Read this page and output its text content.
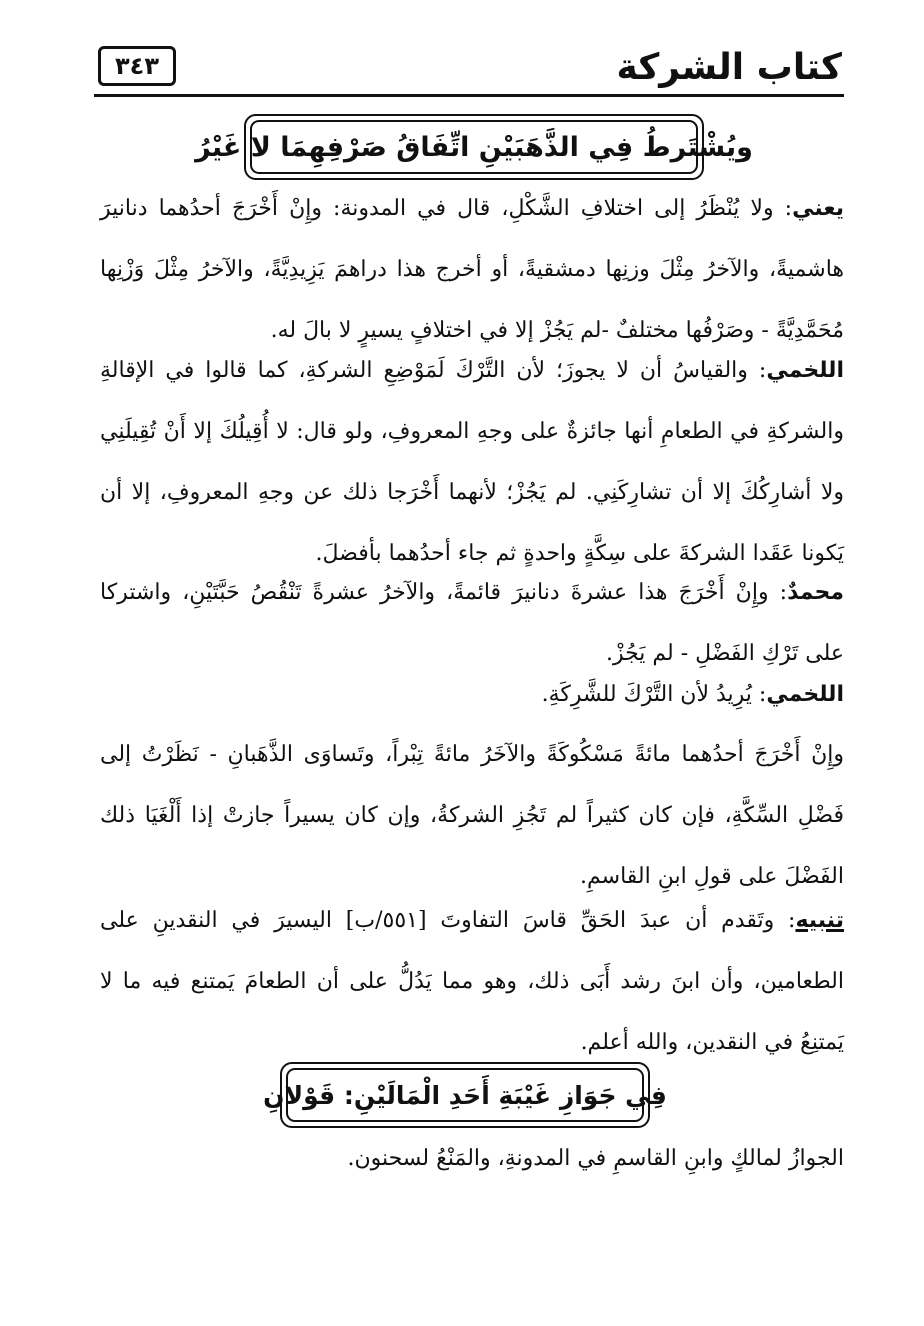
كتاب الشركة
٣٤٣
ويُشْتَرطُ فِي الذَّهَبَيْنِ اتِّفَاقُ صَرْفِهِمَا لا غَيْرُ
يعني: ولا يُنْظَرُ إلى اختلافِ الشَّكْلِ، قال في المدونة: وإِنْ أَخْرَجَ أحدُهما دنانيرَ هاشميةً، والآخرُ مِثْلَ وزنِها دمشقيةً، أو أخرج هذا دراهمَ يَزِيدِيَّةً، والآخرُ مِثْلَ وَزْنِها مُحَمَّدِيَّةً - وصَرْفُها مختلفٌ -لم يَجُزْ إلا في اختلافٍ يسيرٍ لا بالَ له.
اللخمي: والقياسُ أن لا يجوزَ؛ لأن التَّرْكَ لَمَوْضِعِ الشركةِ، كما قالوا في الإقالةِ والشركةِ في الطعامِ أنها جائزةٌ على وجهِ المعروفِ، ولو قال: لا أُقِيلُكَ إلا أَنْ تُقِيلَنِي ولا أشارِكُكَ إلا أن تشارِكَنِي. لم يَجُزْ؛ لأنهما أَخْرَجا ذلك عن وجهِ المعروفِ، إلا أن يَكونا عَقَدا الشركةَ على سِكَّةٍ واحدةٍ ثم جاء أحدُهما بأفضلَ.
محمدٌ: وإِنْ أَخْرَجَ هذا عشرةَ دنانيرَ قائمةً، والآخرُ عشرةً تَنْقُصُ حَبَّتَيْنِ، واشتركا على تَرْكِ الفَضْلِ - لم يَجُزْ.
اللخمي: يُرِيدُ لأن التَّرْكَ للشَّرِكَةِ.
وإِنْ أَخْرَجَ أحدُهما مائةً مَسْكُوكَةً والآخَرُ مائةً تِبْراً، وتَساوَى الذَّهَبانِ - نَظَرْتُ إلى فَضْلِ السِّكَّةِ، فإن كان كثيراً لم تَجُزِ الشركةُ، وإن كان يسيراً جازتْ إذا أَلْغَيَا ذلك الفَضْلَ على قولِ ابنِ القاسمِ.
تنبيه: وتَقدم أن عبدَ الحَقِّ قاسَ التفاوتَ [٥٥١/ب] اليسيرَ في النقدينِ على الطعامين، وأن ابنَ رشد أَبَى ذلك، وهو مما يَدُلُّ على أن الطعامَ يَمتنع فيه ما لا يَمتنِعُ في النقدين، والله أعلم.
فِي جَوَازِ غَيْبَةِ أَحَدِ الْمَالَيْنِ: قَوْلانِ
الجوازُ لمالكٍ وابنِ القاسمِ في المدونةِ، والمَنْعُ لسحنون.
